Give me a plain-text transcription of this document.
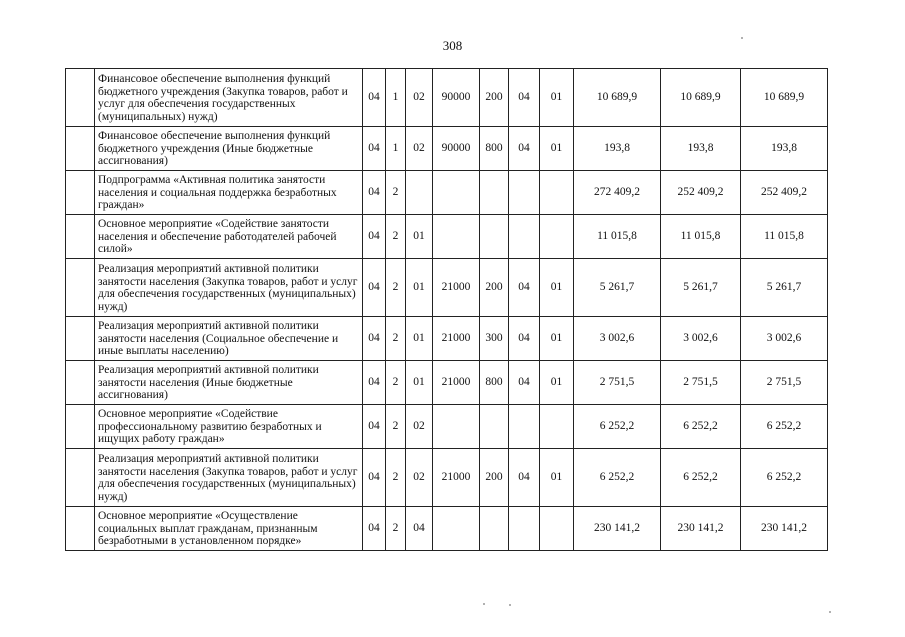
308
	Финансовое обеспечение выполнения функций бюджетного учреждения (Закупка товаров, работ и услуг для обеспечения государственных (муниципальных) нужд)	04	1	02	90000	200	04	01	10 689,9	10 689,9	10 689,9
	Финансовое обеспечение выполнения функций бюджетного учреждения (Иные бюджетные ассигнования)	04	1	02	90000	800	04	01	193,8	193,8	193,8
	Подпрограмма «Активная политика занятости населения и социальная поддержка безработных граждан»	04	2						272 409,2	252 409,2	252 409,2
	Основное мероприятие «Содействие занятости населения и обеспечение работодателей рабочей силой»	04	2	01					11 015,8	11 015,8	11 015,8
	Реализация мероприятий активной политики занятости населения (Закупка товаров, работ и услуг для обеспечения государственных (муниципальных) нужд)	04	2	01	21000	200	04	01	5 261,7	5 261,7	5 261,7
	Реализация мероприятий активной политики занятости населения (Социальное обеспечение и иные выплаты населению)	04	2	01	21000	300	04	01	3 002,6	3 002,6	3 002,6
	Реализация мероприятий активной политики занятости населения (Иные бюджетные ассигнования)	04	2	01	21000	800	04	01	2 751,5	2 751,5	2 751,5
	Основное мероприятие «Содействие профессиональному развитию безработных и ищущих работу граждан»	04	2	02					6 252,2	6 252,2	6 252,2
	Реализация мероприятий активной политики занятости населения (Закупка товаров, работ и услуг для обеспечения государственных (муниципальных) нужд)	04	2	02	21000	200	04	01	6 252,2	6 252,2	6 252,2
	Основное мероприятие «Осуществление социальных выплат гражданам, признанным безработными в установленном порядке»	04	2	04					230 141,2	230 141,2	230 141,2
